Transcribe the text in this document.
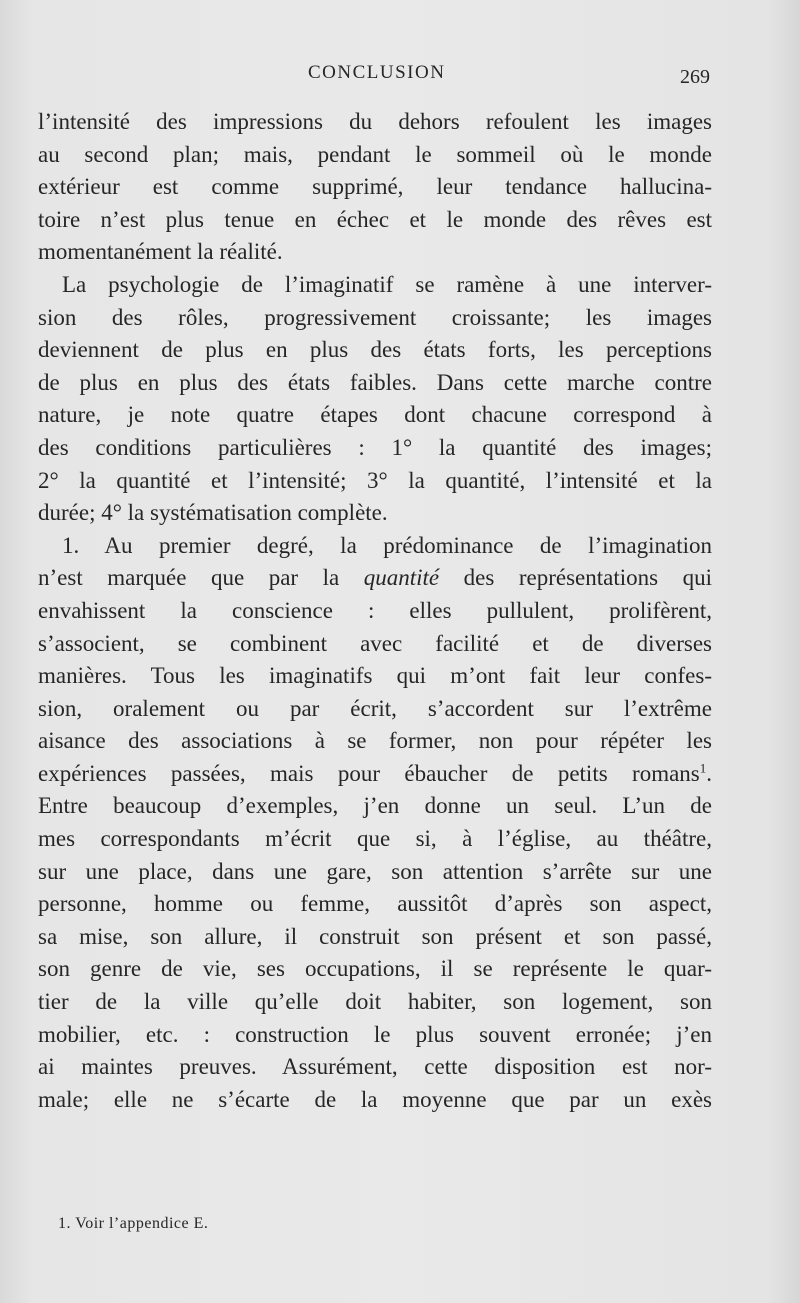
CONCLUSION	269
l’intensité des impressions du dehors refoulent les images
au second plan; mais, pendant le sommeil où le monde
extérieur est comme supprimé, leur tendance hallucina-
toire n’est plus tenue en échec et le monde des rêves est
momentanément la réalité.
La psychologie de l’imaginatif se ramène à une interver-
sion des rôles, progressivement croissante; les images
deviennent de plus en plus des états forts, les perceptions
de plus en plus des états faibles. Dans cette marche contre
nature, je note quatre étapes dont chacune correspond à
des conditions particulières : 1° la quantité des images;
2° la quantité et l’intensité; 3° la quantité, l’intensité et la
durée; 4° la systématisation complète.
1. Au premier degré, la prédominance de l’imagination
n’est marquée que par la quantité des représentations qui
envahissent la conscience : elles pullulent, prolifèrent,
s’associent, se combinent avec facilité et de diverses
manières. Tous les imaginatifs qui m’ont fait leur confes-
sion, oralement ou par écrit, s’accordent sur l’extrême
aisance des associations à se former, non pour répéter les
expériences passées, mais pour ébaucher de petits romans$^1$.
Entre beaucoup d’exemples, j’en donne un seul. L’un de
mes correspondants m’écrit que si, à l’église, au théâtre,
sur une place, dans une gare, son attention s’arrête sur une
personne, homme ou femme, aussitôt d’après son aspect,
sa mise, son allure, il construit son présent et son passé,
son genre de vie, ses occupations, il se représente le quar-
tier de la ville qu’elle doit habiter, son logement, son
mobilier, etc. : construction le plus souvent erronée; j’en
ai maintes preuves. Assurément, cette disposition est nor-
male; elle ne s’écarte de la moyenne que par un exès
1. Voir l’appendice E.
